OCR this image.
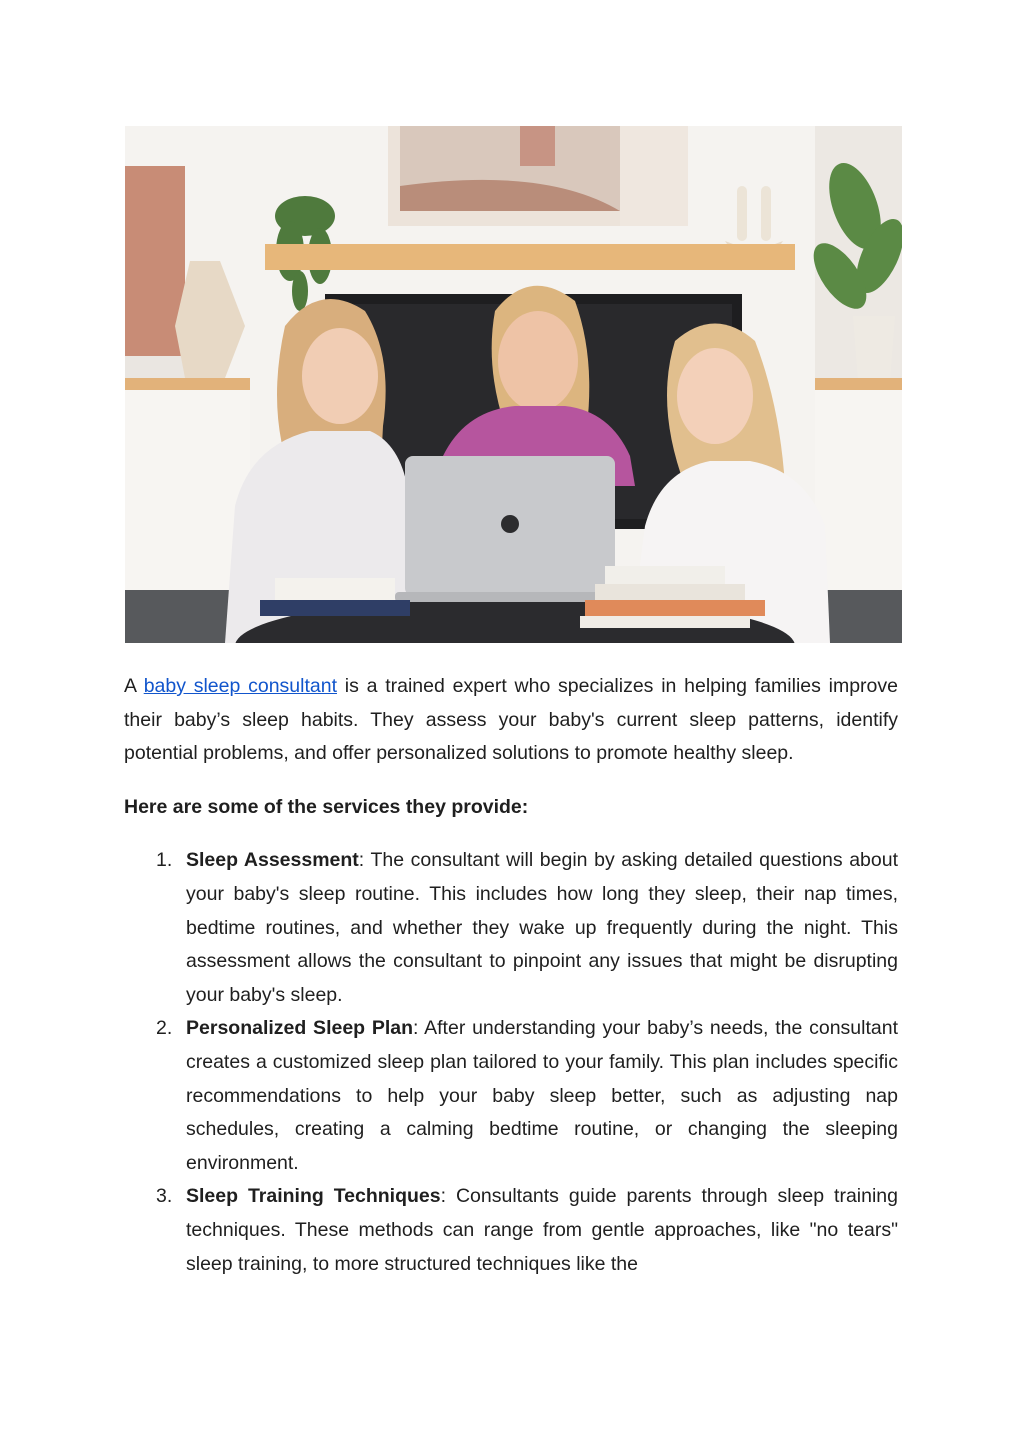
A baby sleep consultant is a trained expert who specializes in helping families improve their baby’s sleep habits. They assess your baby's current sleep patterns, identify potential problems, and offer personalized solutions to promote healthy sleep.

Here are some of the services they provide:

1. Sleep Assessment: The consultant will begin by asking detailed questions about your baby's sleep routine. This includes how long they sleep, their nap times, bedtime routines, and whether they wake up frequently during the night. This assessment allows the consultant to pinpoint any issues that might be disrupting your baby's sleep.
2. Personalized Sleep Plan: After understanding your baby’s needs, the consultant creates a customized sleep plan tailored to your family. This plan includes specific recommendations to help your baby sleep better, such as adjusting nap schedules, creating a calming bedtime routine, or changing the sleeping environment.
3. Sleep Training Techniques: Consultants guide parents through sleep training techniques. These methods can range from gentle approaches, like "no tears" sleep training, to more structured techniques like the
